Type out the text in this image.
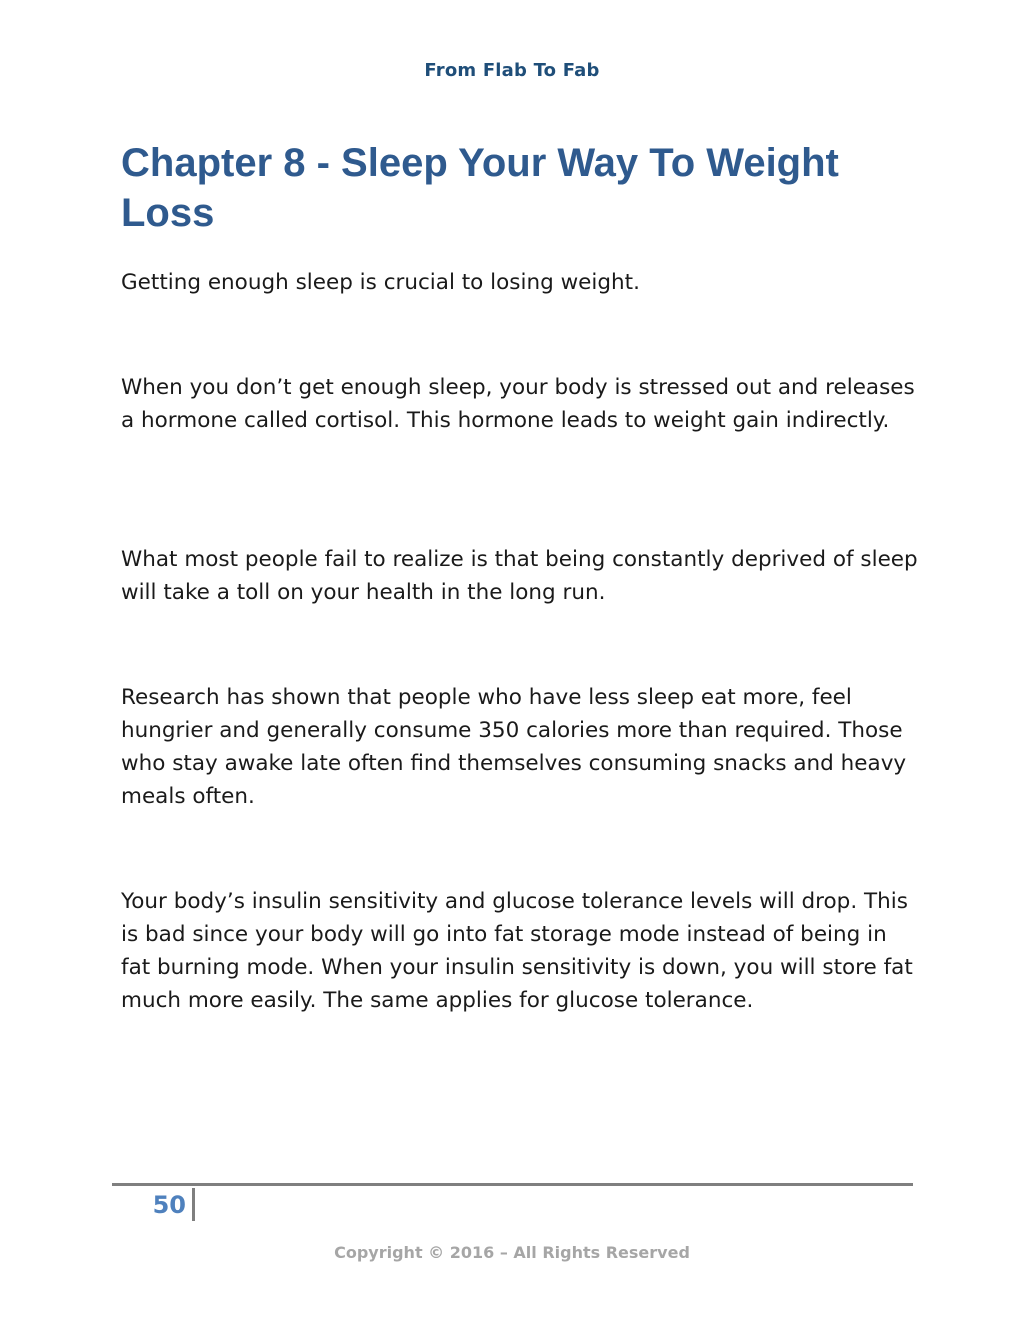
From Flab To Fab
Chapter 8 - Sleep Your Way To Weight Loss

Getting enough sleep is crucial to losing weight.

When you don’t get enough sleep, your body is stressed out and releases a hormone called cortisol. This hormone leads to weight gain indirectly.

What most people fail to realize is that being constantly deprived of sleep will take a toll on your health in the long run.

Research has shown that people who have less sleep eat more, feel hungrier and generally consume 350 calories more than required. Those who stay awake late often find themselves consuming snacks and heavy meals often.

Your body’s insulin sensitivity and glucose tolerance levels will drop. This is bad since your body will go into fat storage mode instead of being in fat burning mode. When your insulin sensitivity is down, you will store fat much more easily. The same applies for glucose tolerance.

50
Copyright © 2016 – All Rights Reserved
